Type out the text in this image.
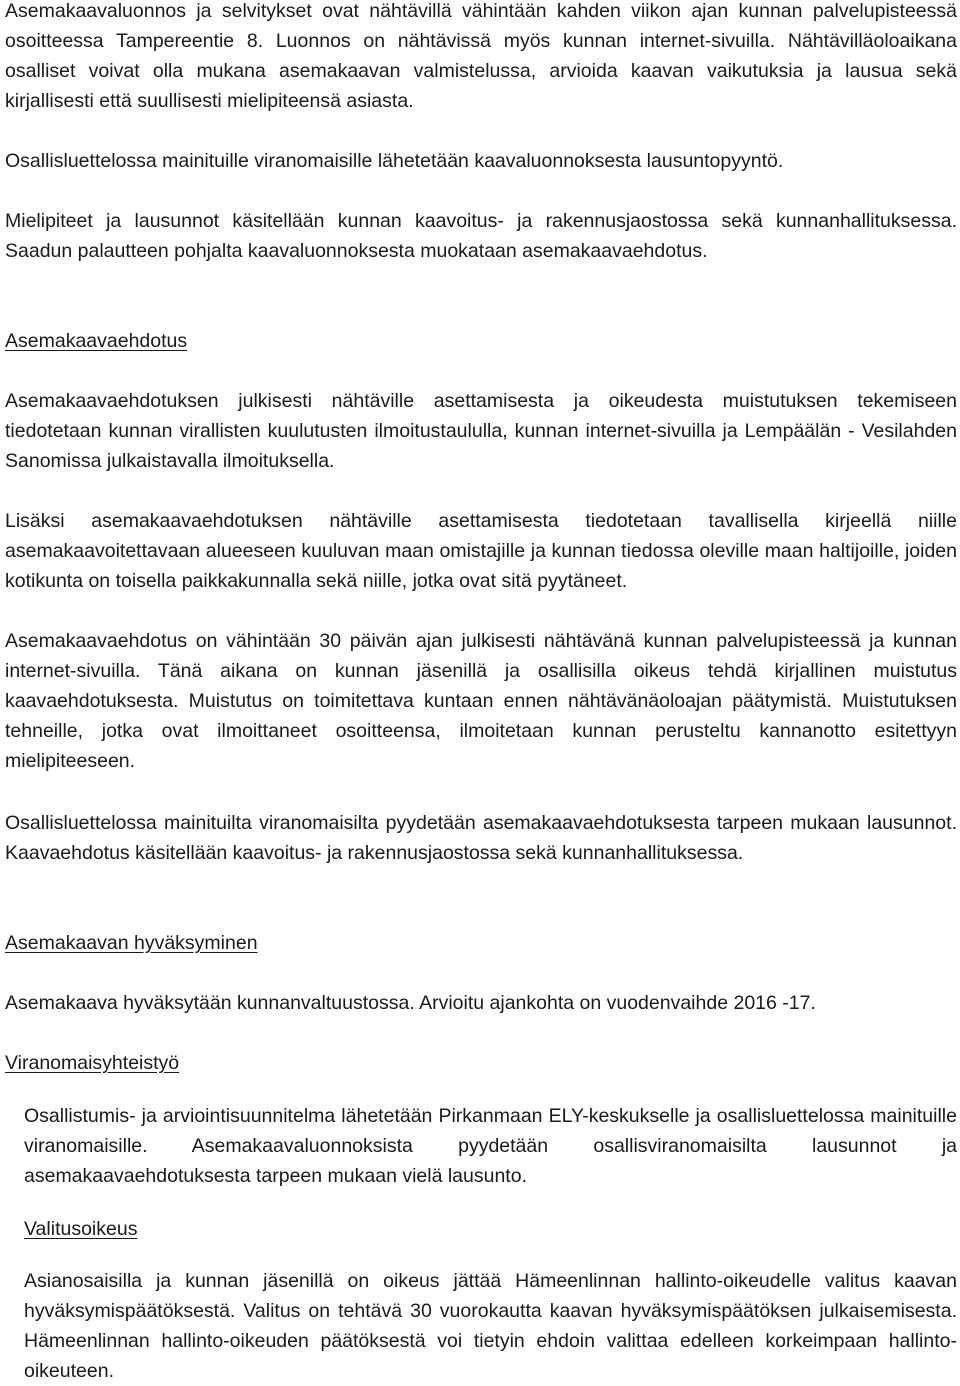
Asemakaavaluonnos ja selvitykset ovat nähtävillä vähintään kahden viikon ajan kunnan palvelupisteessä osoitteessa Tampereentie 8. Luonnos on nähtävissä myös kunnan internet-sivuilla. Nähtävilläoloaikana osalliset voivat olla mukana asemakaavan valmistelussa, arvioida kaavan vaikutuksia ja lausua sekä kirjallisesti että suullisesti mielipiteensä asiasta.

Osallisluettelossa mainituille viranomaisille lähetetään kaavaluonnoksesta lausuntopyyntö.

Mielipiteet ja lausunnot käsitellään kunnan kaavoitus- ja rakennusjaostossa sekä kunnanhallituksessa. Saadun palautteen pohjalta kaavaluonnoksesta muokataan asemakaavaehdotus.

Asemakaavaehdotus

Asemakaavaehdotuksen julkisesti nähtäville asettamisesta ja oikeudesta muistutuksen tekemiseen tiedotetaan kunnan virallisten kuulutusten ilmoitustaululla, kunnan internet-sivuilla ja Lempäälän - Vesilahden Sanomissa julkaistavalla ilmoituksella.

Lisäksi asemakaavaehdotuksen nähtäville asettamisesta tiedotetaan tavallisella kirjeellä niille asemakaavoitettavaan alueeseen kuuluvan maan omistajille ja kunnan tiedossa oleville maan haltijoille, joiden kotikunta on toisella paikkakunnalla sekä niille, jotka ovat sitä pyytäneet.

Asemakaavaehdotus on vähintään 30 päivän ajan julkisesti nähtävänä kunnan palvelupisteessä ja kunnan internet-sivuilla. Tänä aikana on kunnan jäsenillä ja osallisilla oikeus tehdä kirjallinen muistutus kaavaehdotuksesta. Muistutus on toimitettava kuntaan ennen nähtävänäoloajan päätymistä. Muistutuksen tehneille, jotka ovat ilmoittaneet osoitteensa, ilmoitetaan kunnan perusteltu kannanotto esitettyyn mielipiteeseen.

Osallisluettelossa mainituilta viranomaisilta pyydetään asemakaavaehdotuksesta tarpeen mukaan lausunnot. Kaavaehdotus käsitellään kaavoitus- ja rakennusjaostossa sekä kunnanhallituksessa.

Asemakaavan hyväksyminen

Asemakaava hyväksytään kunnanvaltuustossa. Arvioitu ajankohta on vuodenvaihde 2016 -17.

Viranomaisyhteistyö

Osallistumis- ja arviointisuunnitelma lähetetään Pirkanmaan ELY-keskukselle ja osallisluettelossa mainituille viranomaisille. Asemakaavaluonnoksista pyydetään osallisviranomaisilta lausunnot ja asemakaavaehdotuksesta tarpeen mukaan vielä lausunto.

Valitusoikeus

Asianosaisilla ja kunnan jäsenillä on oikeus jättää Hämeenlinnan hallinto-oikeudelle valitus kaavan hyväksymispäätöksestä. Valitus on tehtävä 30 vuorokautta kaavan hyväksymispäätöksen julkaisemisesta. Hämeenlinnan hallinto-oikeuden päätöksestä voi tietyin ehdoin valittaa edelleen korkeimpaan hallinto-oikeuteen.
